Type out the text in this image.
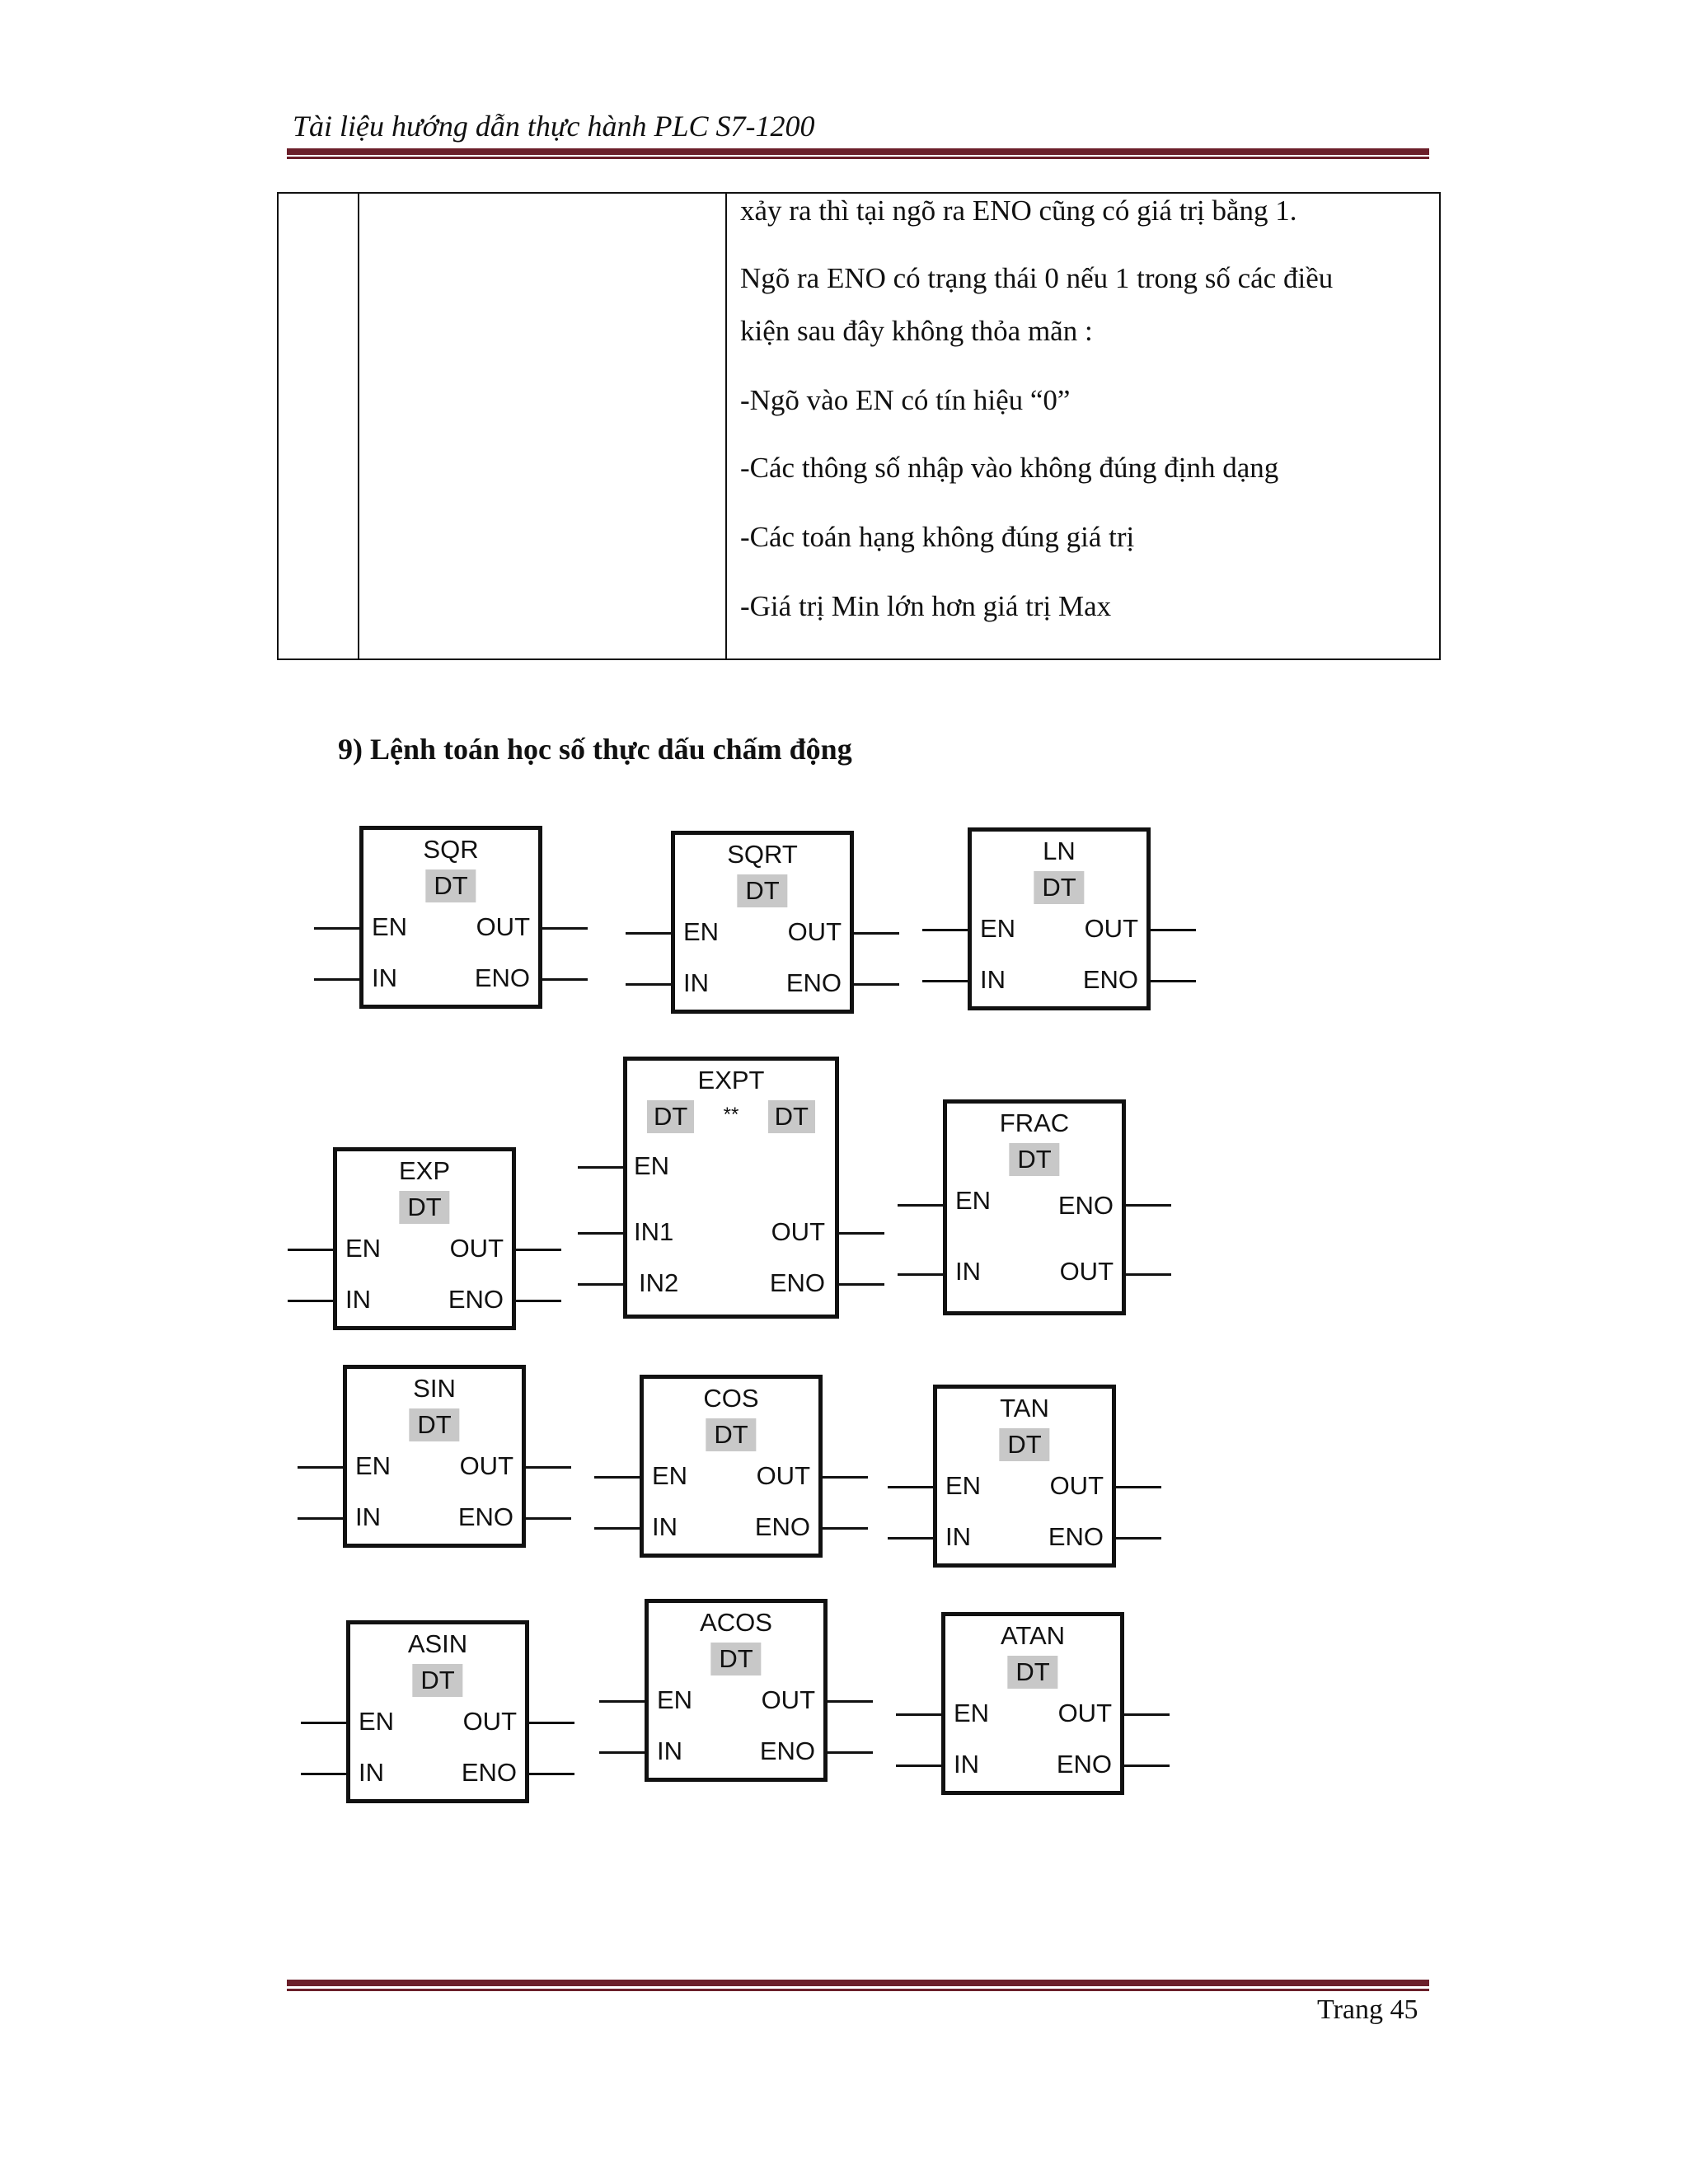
Tài liệu hướng dẫn thực hành PLC S7-1200
xảy ra thì tại ngõ ra ENO cũng có giá trị bằng 1.
Ngõ ra ENO có trạng thái 0 nếu 1 trong số các điều
kiện sau đây không thỏa mãn :
-Ngõ vào EN có tín hiệu “0”
-Các thông số nhập vào không đúng định dạng
-Các toán hạng không đúng giá trị
-Giá trị Min lớn hơn giá trị Max
9) Lệnh toán học số thực dấu chấm động
SQR
DT
EN
IN
OUT
ENO
SQRT
DT
EN
IN
OUT
ENO
LN
DT
EN
IN
OUT
ENO
EXP
DT
EN
IN
OUT
ENO
EXPT
DT	**	DT
EN
IN1
IN2
OUT
ENO
FRAC
DT
EN
IN
ENO
OUT
SIN
DT
EN
IN
OUT
ENO
COS
DT
EN
IN
OUT
ENO
TAN
DT
EN
IN
OUT
ENO
ASIN
DT
EN
IN
OUT
ENO
ACOS
DT
EN
IN
OUT
ENO
ATAN
DT
EN
IN
OUT
ENO
Trang 45
